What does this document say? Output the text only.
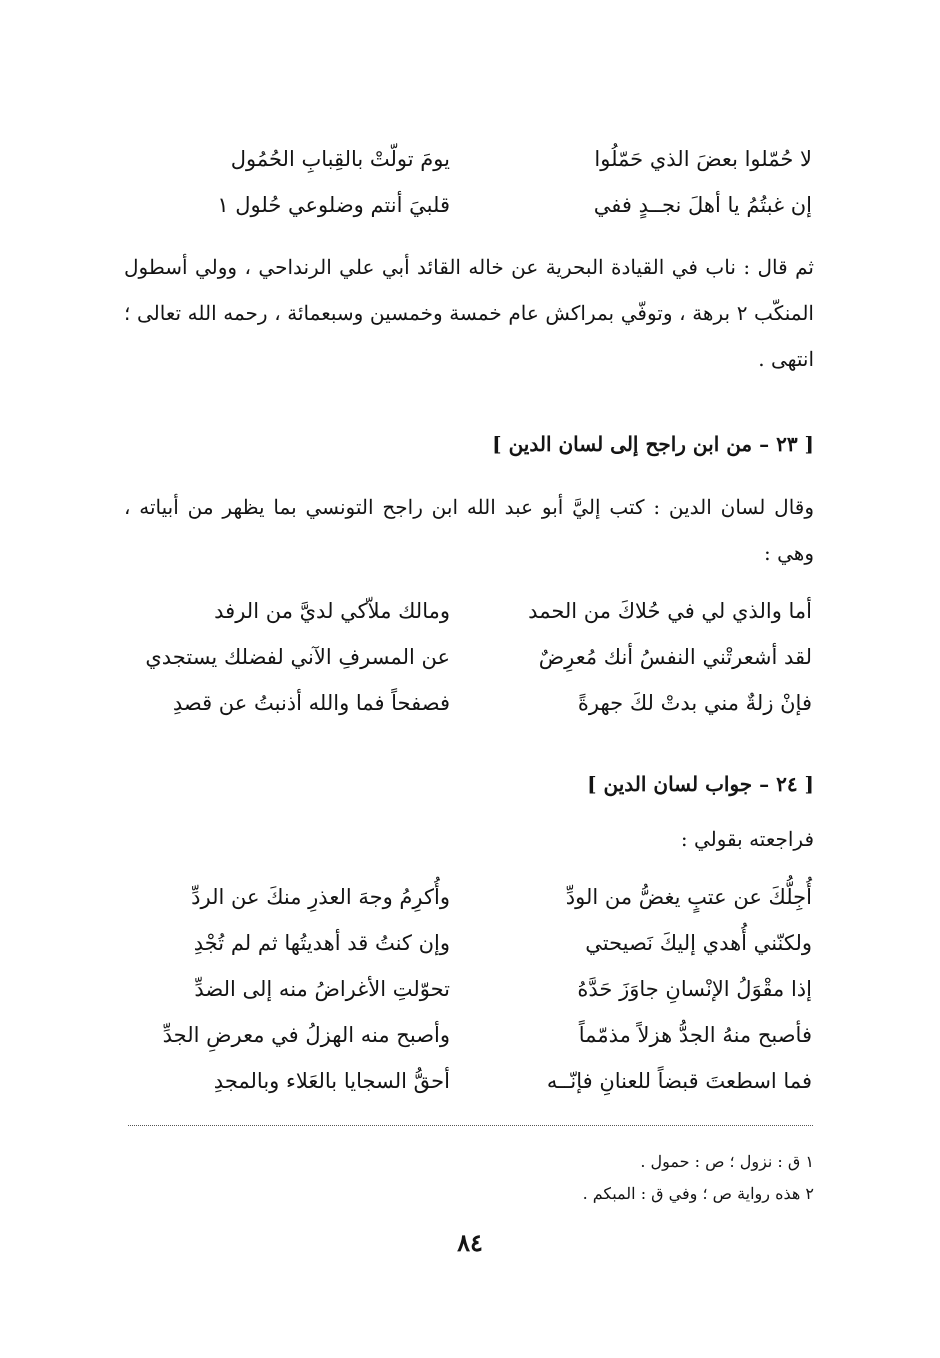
لا حُمّلوا بعضَ الذي حَمّلُوا
يومَ تولّتْ بالقِبابِ الحُمُول
إن غبتُمُ يا أهلَ نجــدٍ ففي
قلبيَ أنتم وضلوعي حُلول ١

ثم قال : ناب في القيادة البحرية عن خاله القائد أبي علي الرنداحي ، وولي أسطول المنكّب ٢ برهة ، وتوفّي بمراكش عام خمسة وخمسين وسبعمائة ، رحمه الله تعالى ؛ انتهى .

[ ٢٣ – من ابن راجح إلى لسان الدين ]

وقال لسان الدين : كتب إليَّ أبو عبد الله ابن راجح التونسي بما يظهر من أبياته ، وهي :

أما والذي لي في حُلاكَ من الحمد
ومالك ملاّكي لديَّ من الرفد
لقد أشعرتْني النفسُ أنك مُعرِضٌ
عن المسرفِ الآني لفضلك يستجدي
فإنْ زلةٌ مني بدتْ لكَ جهرةً
فصفحاً فما والله أذنبتُ عن قصدِ
[ ٢٤ – جواب لسان الدين ]

فراجعته بقولي :

أُجِلُّكَ عن عتبٍ يغضُّ من الودِّ
وأُكرِمُ وجهَ العذرِ منكَ عن الردِّ
ولكنّني أُهدي إليكَ نَصيحتي
وإن كنتُ قد أهديتُها ثم لم تُجْدِ
إذا مقْوَلُ الإنْسانِ جاوَزَ حَدَّهُ
تحوّلتِ الأغراضُ منه إلى الضدِّ
فأصبح منهُ الجدُّ هزلاً مذمّماً
وأصبح منه الهزلُ في معرضِ الجدِّ
فما اسطعتَ قبضاً للعنانِ فإنّــه
أحقُّ السجايا بالعَلاء وبالمجدِ
١ ق : نزول ؛ ص : حمول .
٢ هذه رواية ص ؛ وفي ق : المبكم .
٨٤
